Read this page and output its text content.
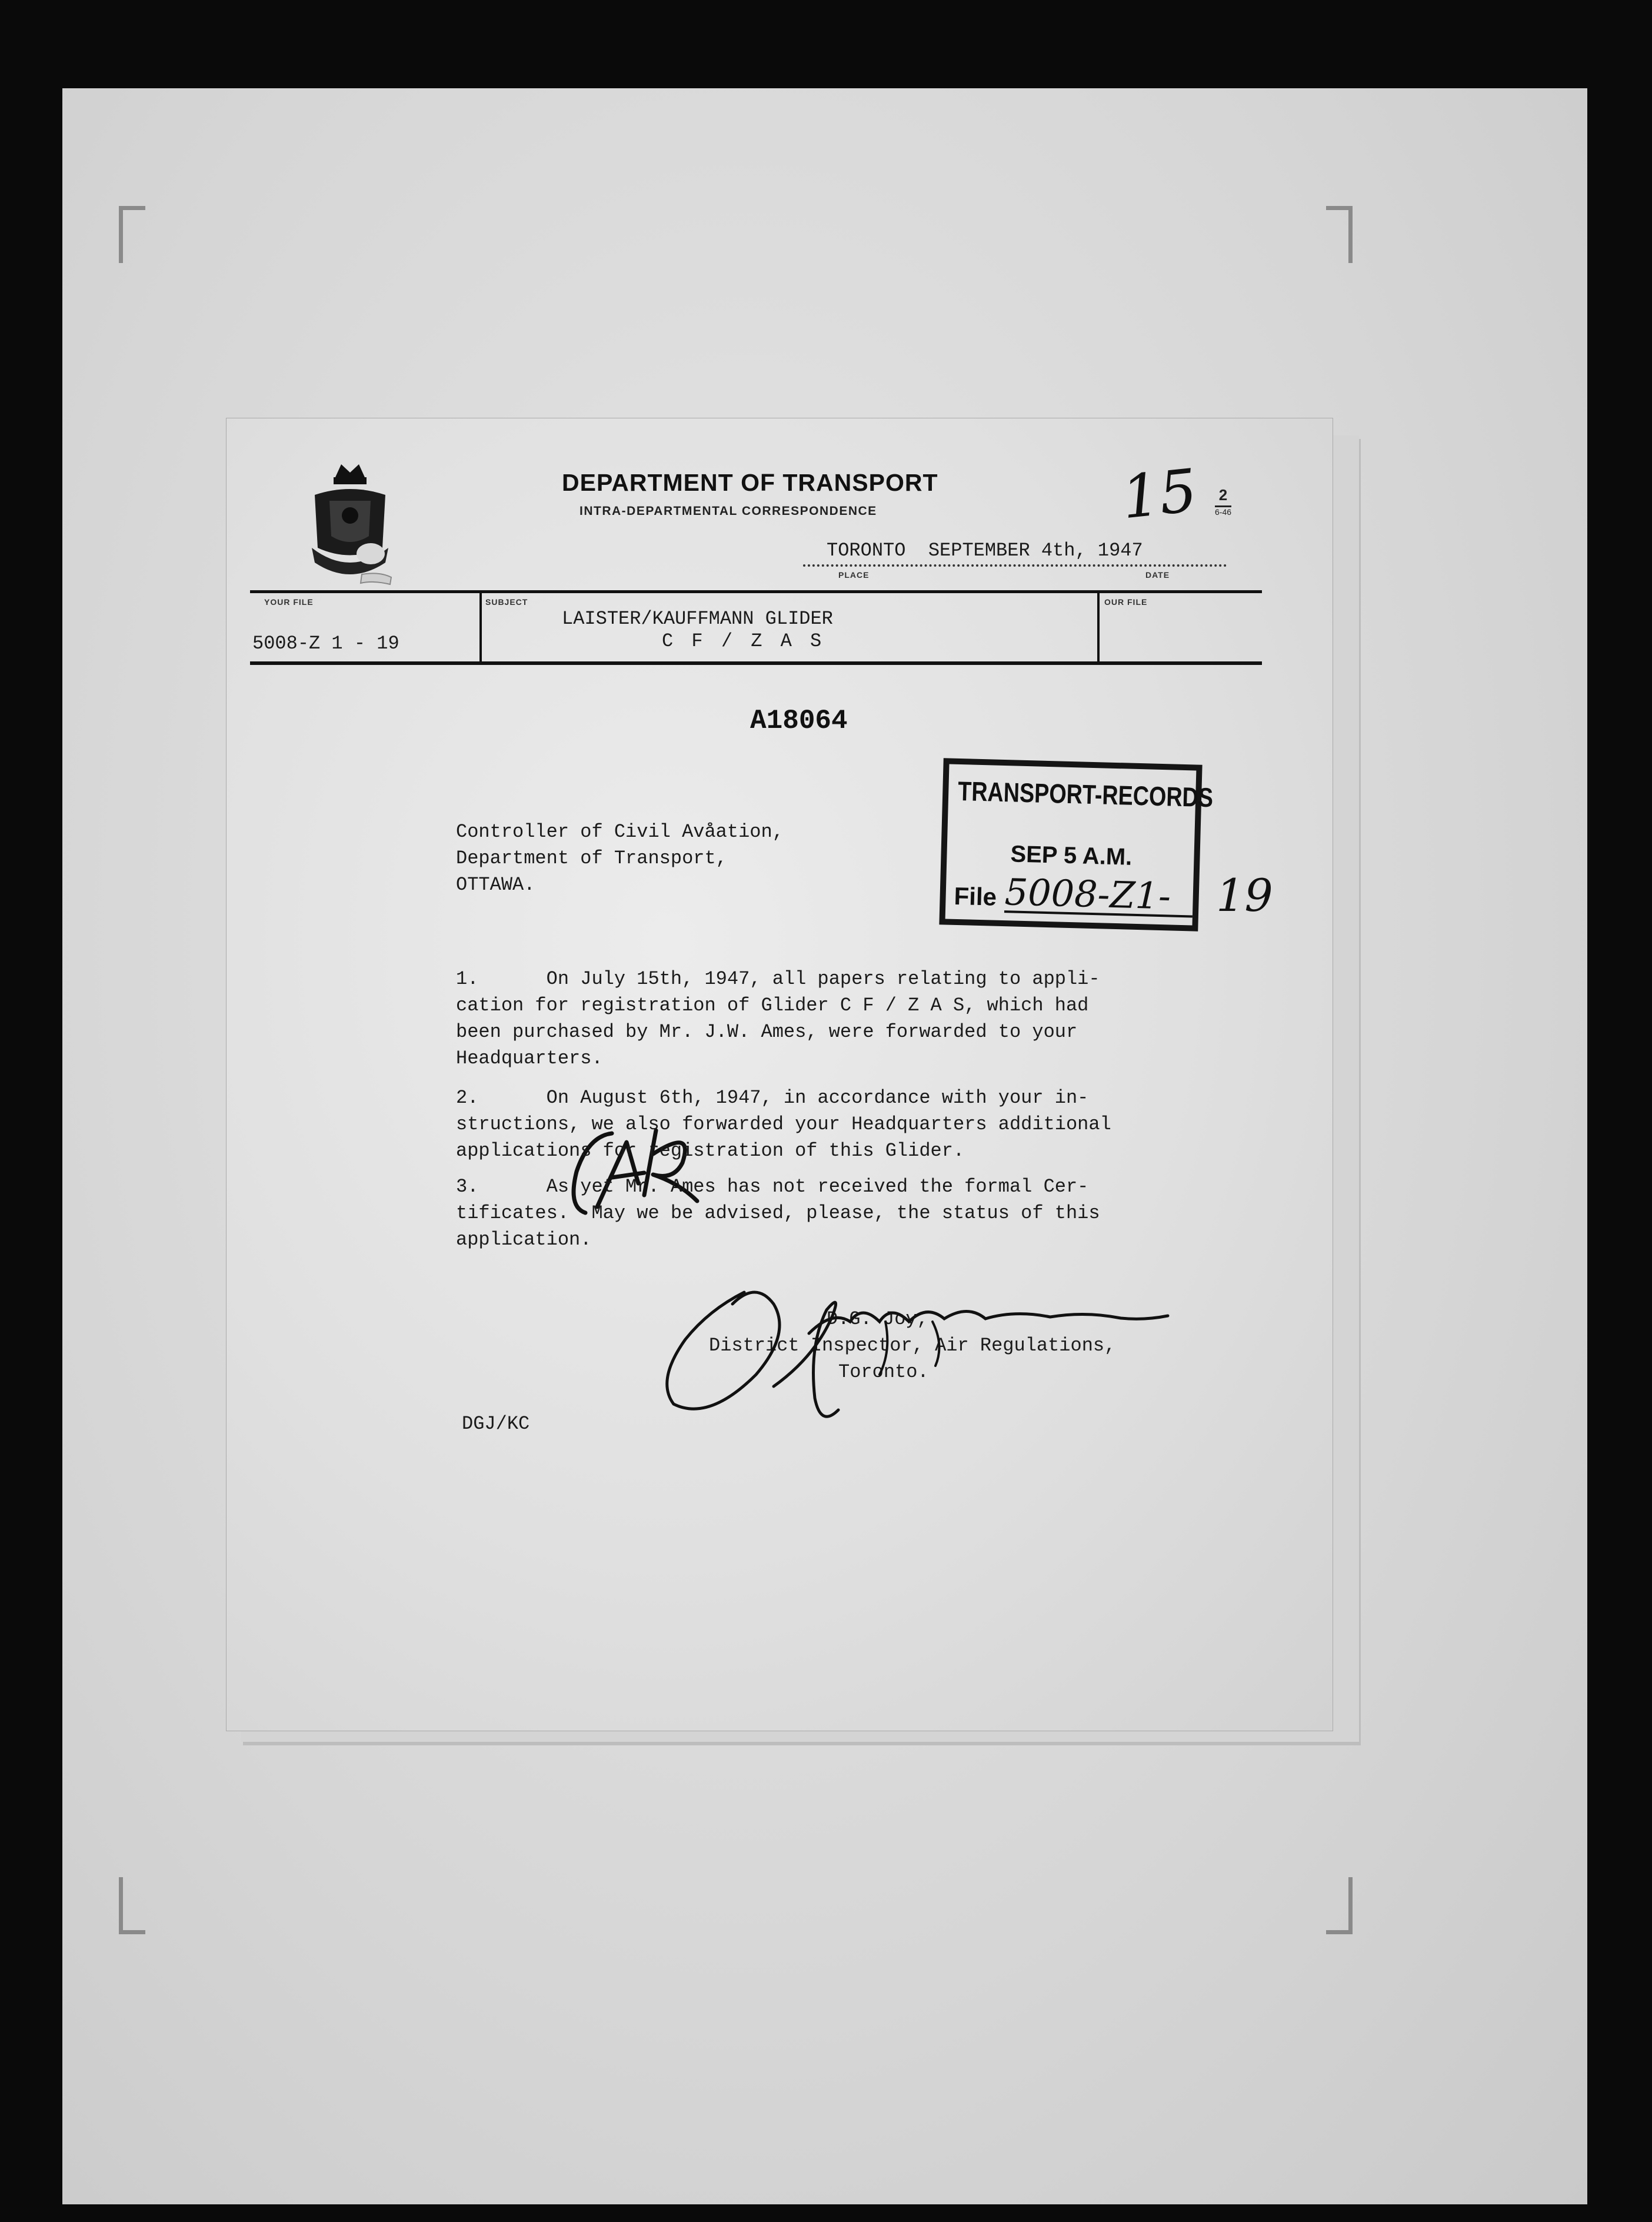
DEPARTMENT OF TRANSPORT
INTRA-DEPARTMENTAL CORRESPONDENCE	15 2
6-46
TORONTO  SEPTEMBER 4th, 1947
PLACE	DATE
YOUR FILE
5008-Z 1 - 19
SUBJECT
LAISTER/KAUFFMANN GLIDER
C F / Z A S
OUR FILE
A18064
TRANSPORT-RECORDS
SEP 5 A.M.
File 5008-Z1- 19
Controller of Civil Avåation,
Department of Transport,
OTTAWA.
1.      On July 15th, 1947, all papers relating to appli-
cation for registration of Glider C F / Z A S, which had
been purchased by Mr. J.W. Ames, were forwarded to your
Headquarters.
2.      On August 6th, 1947, in accordance with your in-
structions, we also forwarded your Headquarters additional
applications for registration of this Glider.
3.      As yet Mr. Ames has not received the formal Cer-
tificates.  May we be advised, please, the status of this
application.
D.G. Joy,
District Inspector, Air Regulations,
Toronto.
DGJ/KC
